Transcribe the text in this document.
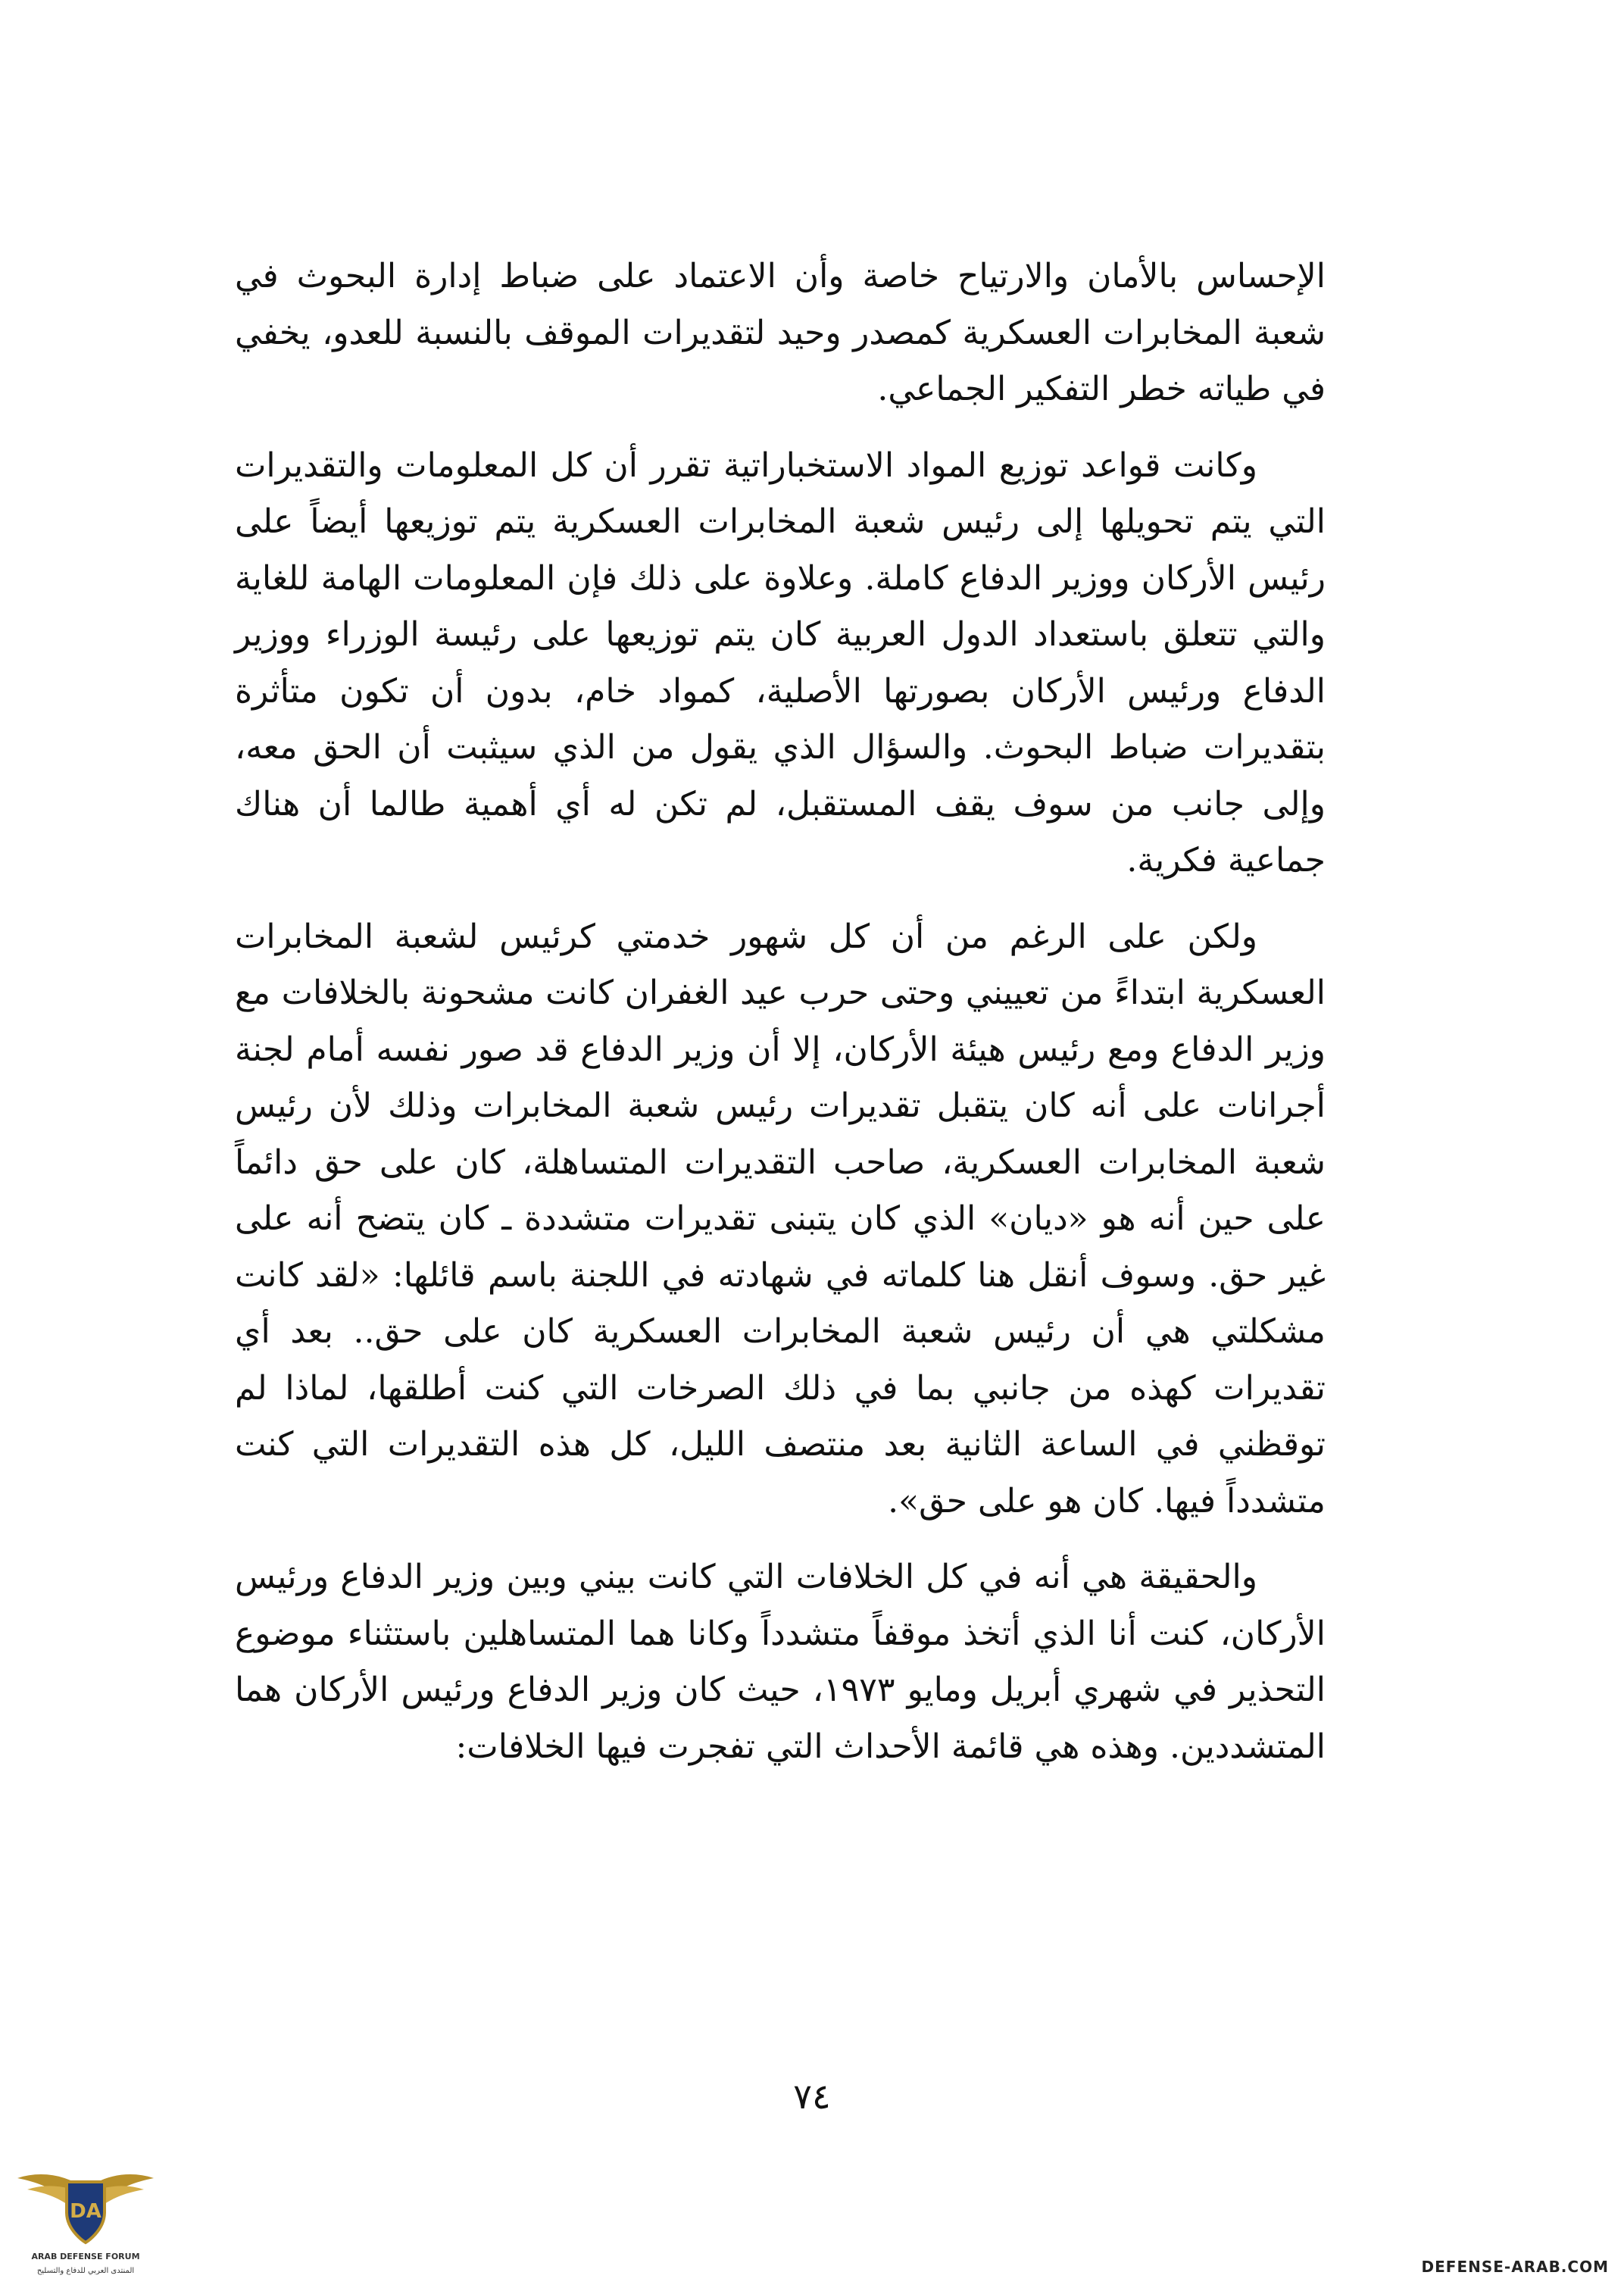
الإحساس بالأمان والارتياح خاصة وأن الاعتماد على ضباط إدارة البحوث في شعبة المخابرات العسكرية كمصدر وحيد لتقديرات الموقف بالنسبة للعدو، يخفي في طياته خطر التفكير الجماعي.

وكانت قواعد توزيع المواد الاستخباراتية تقرر أن كل المعلومات والتقديرات التي يتم تحويلها إلى رئيس شعبة المخابرات العسكرية يتم توزيعها أيضاً على رئيس الأركان ووزير الدفاع كاملة. وعلاوة على ذلك فإن المعلومات الهامة للغاية والتي تتعلق باستعداد الدول العربية كان يتم توزيعها على رئيسة الوزراء ووزير الدفاع ورئيس الأركان بصورتها الأصلية، كمواد خام، بدون أن تكون متأثرة بتقديرات ضباط البحوث. والسؤال الذي يقول من الذي سيثبت أن الحق معه، وإلى جانب من سوف يقف المستقبل، لم تكن له أي أهمية طالما أن هناك جماعية فكرية.

ولكن على الرغم من أن كل شهور خدمتي كرئيس لشعبة المخابرات العسكرية ابتداءً من تعييني وحتى حرب عيد الغفران كانت مشحونة بالخلافات مع وزير الدفاع ومع رئيس هيئة الأركان، إلا أن وزير الدفاع قد صور نفسه أمام لجنة أجرانات على أنه كان يتقبل تقديرات رئيس شعبة المخابرات وذلك لأن رئيس شعبة المخابرات العسكرية، صاحب التقديرات المتساهلة، كان على حق دائماً على حين أنه هو «ديان» الذي كان يتبنى تقديرات متشددة ـ كان يتضح أنه على غير حق. وسوف أنقل هنا كلماته في شهادته في اللجنة باسم قائلها: «لقد كانت مشكلتي هي أن رئيس شعبة المخابرات العسكرية كان على حق.. بعد أي تقديرات كهذه من جانبي بما في ذلك الصرخات التي كنت أطلقها، لماذا لم توقظني في الساعة الثانية بعد منتصف الليل، كل هذه التقديرات التي كنت متشدداً فيها. كان هو على حق».

والحقيقة هي أنه في كل الخلافات التي كانت بيني وبين وزير الدفاع ورئيس الأركان، كنت أنا الذي أتخذ موقفاً متشدداً وكانا هما المتساهلين باستثناء موضوع التحذير في شهري أبريل ومايو ١٩٧٣، حيث كان وزير الدفاع ورئيس الأركان هما المتشددين. وهذه هي قائمة الأحداث التي تفجرت فيها الخلافات:

٧٤
DA
ARAB DEFENSE FORUM
المنتدى العربي للدفاع والتسليح	DEFENSE-ARAB.COM
